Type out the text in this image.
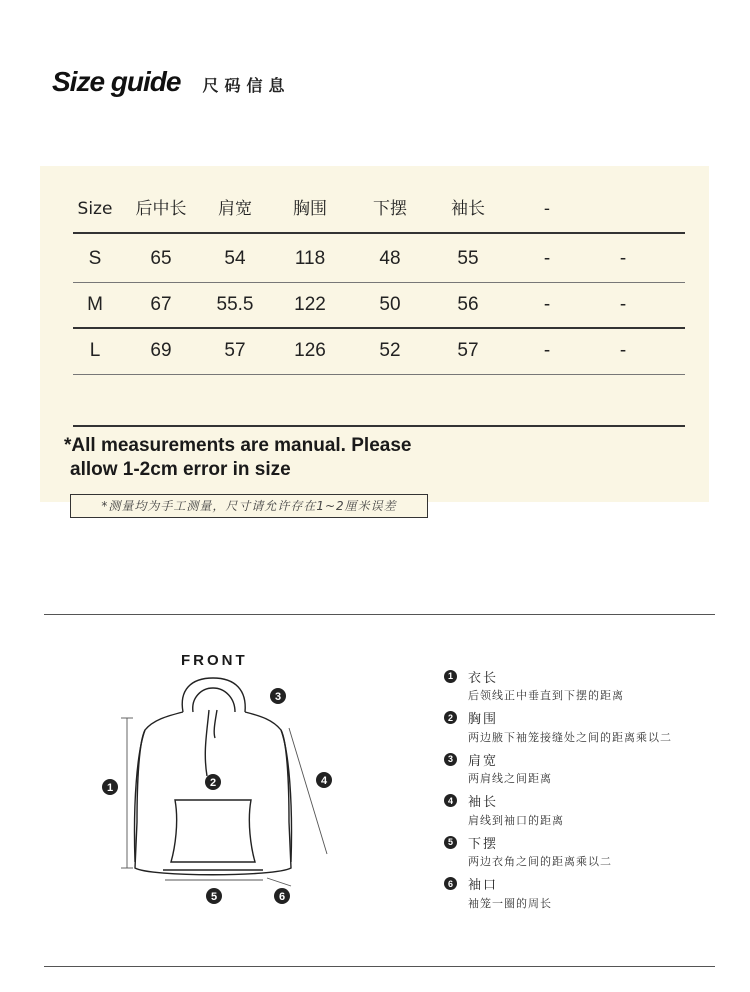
Size guide 尺码信息
Size	后中长	肩宽	胸围	下摆	袖长	-
S	65	54	118	48	55	-	-
M	67	55.5	122	50	56	-	-
L	69	57	126	52	57	-	-
*All measurements are manual. Please
allow 1-2cm error in size
*测量均为手工测量，尺寸请允许存在1~2厘米误差
FRONT
1	2
3
4
5	6
1	衣长
后领线正中垂直到下摆的距离
2	胸围
两边腋下袖笼接缝处之间的距离乘以二
3	肩宽
两肩线之间距离
4	袖长
肩线到袖口的距离
5	下摆
两边衣角之间的距离乘以二
6	袖口
袖笼一圈的周长
